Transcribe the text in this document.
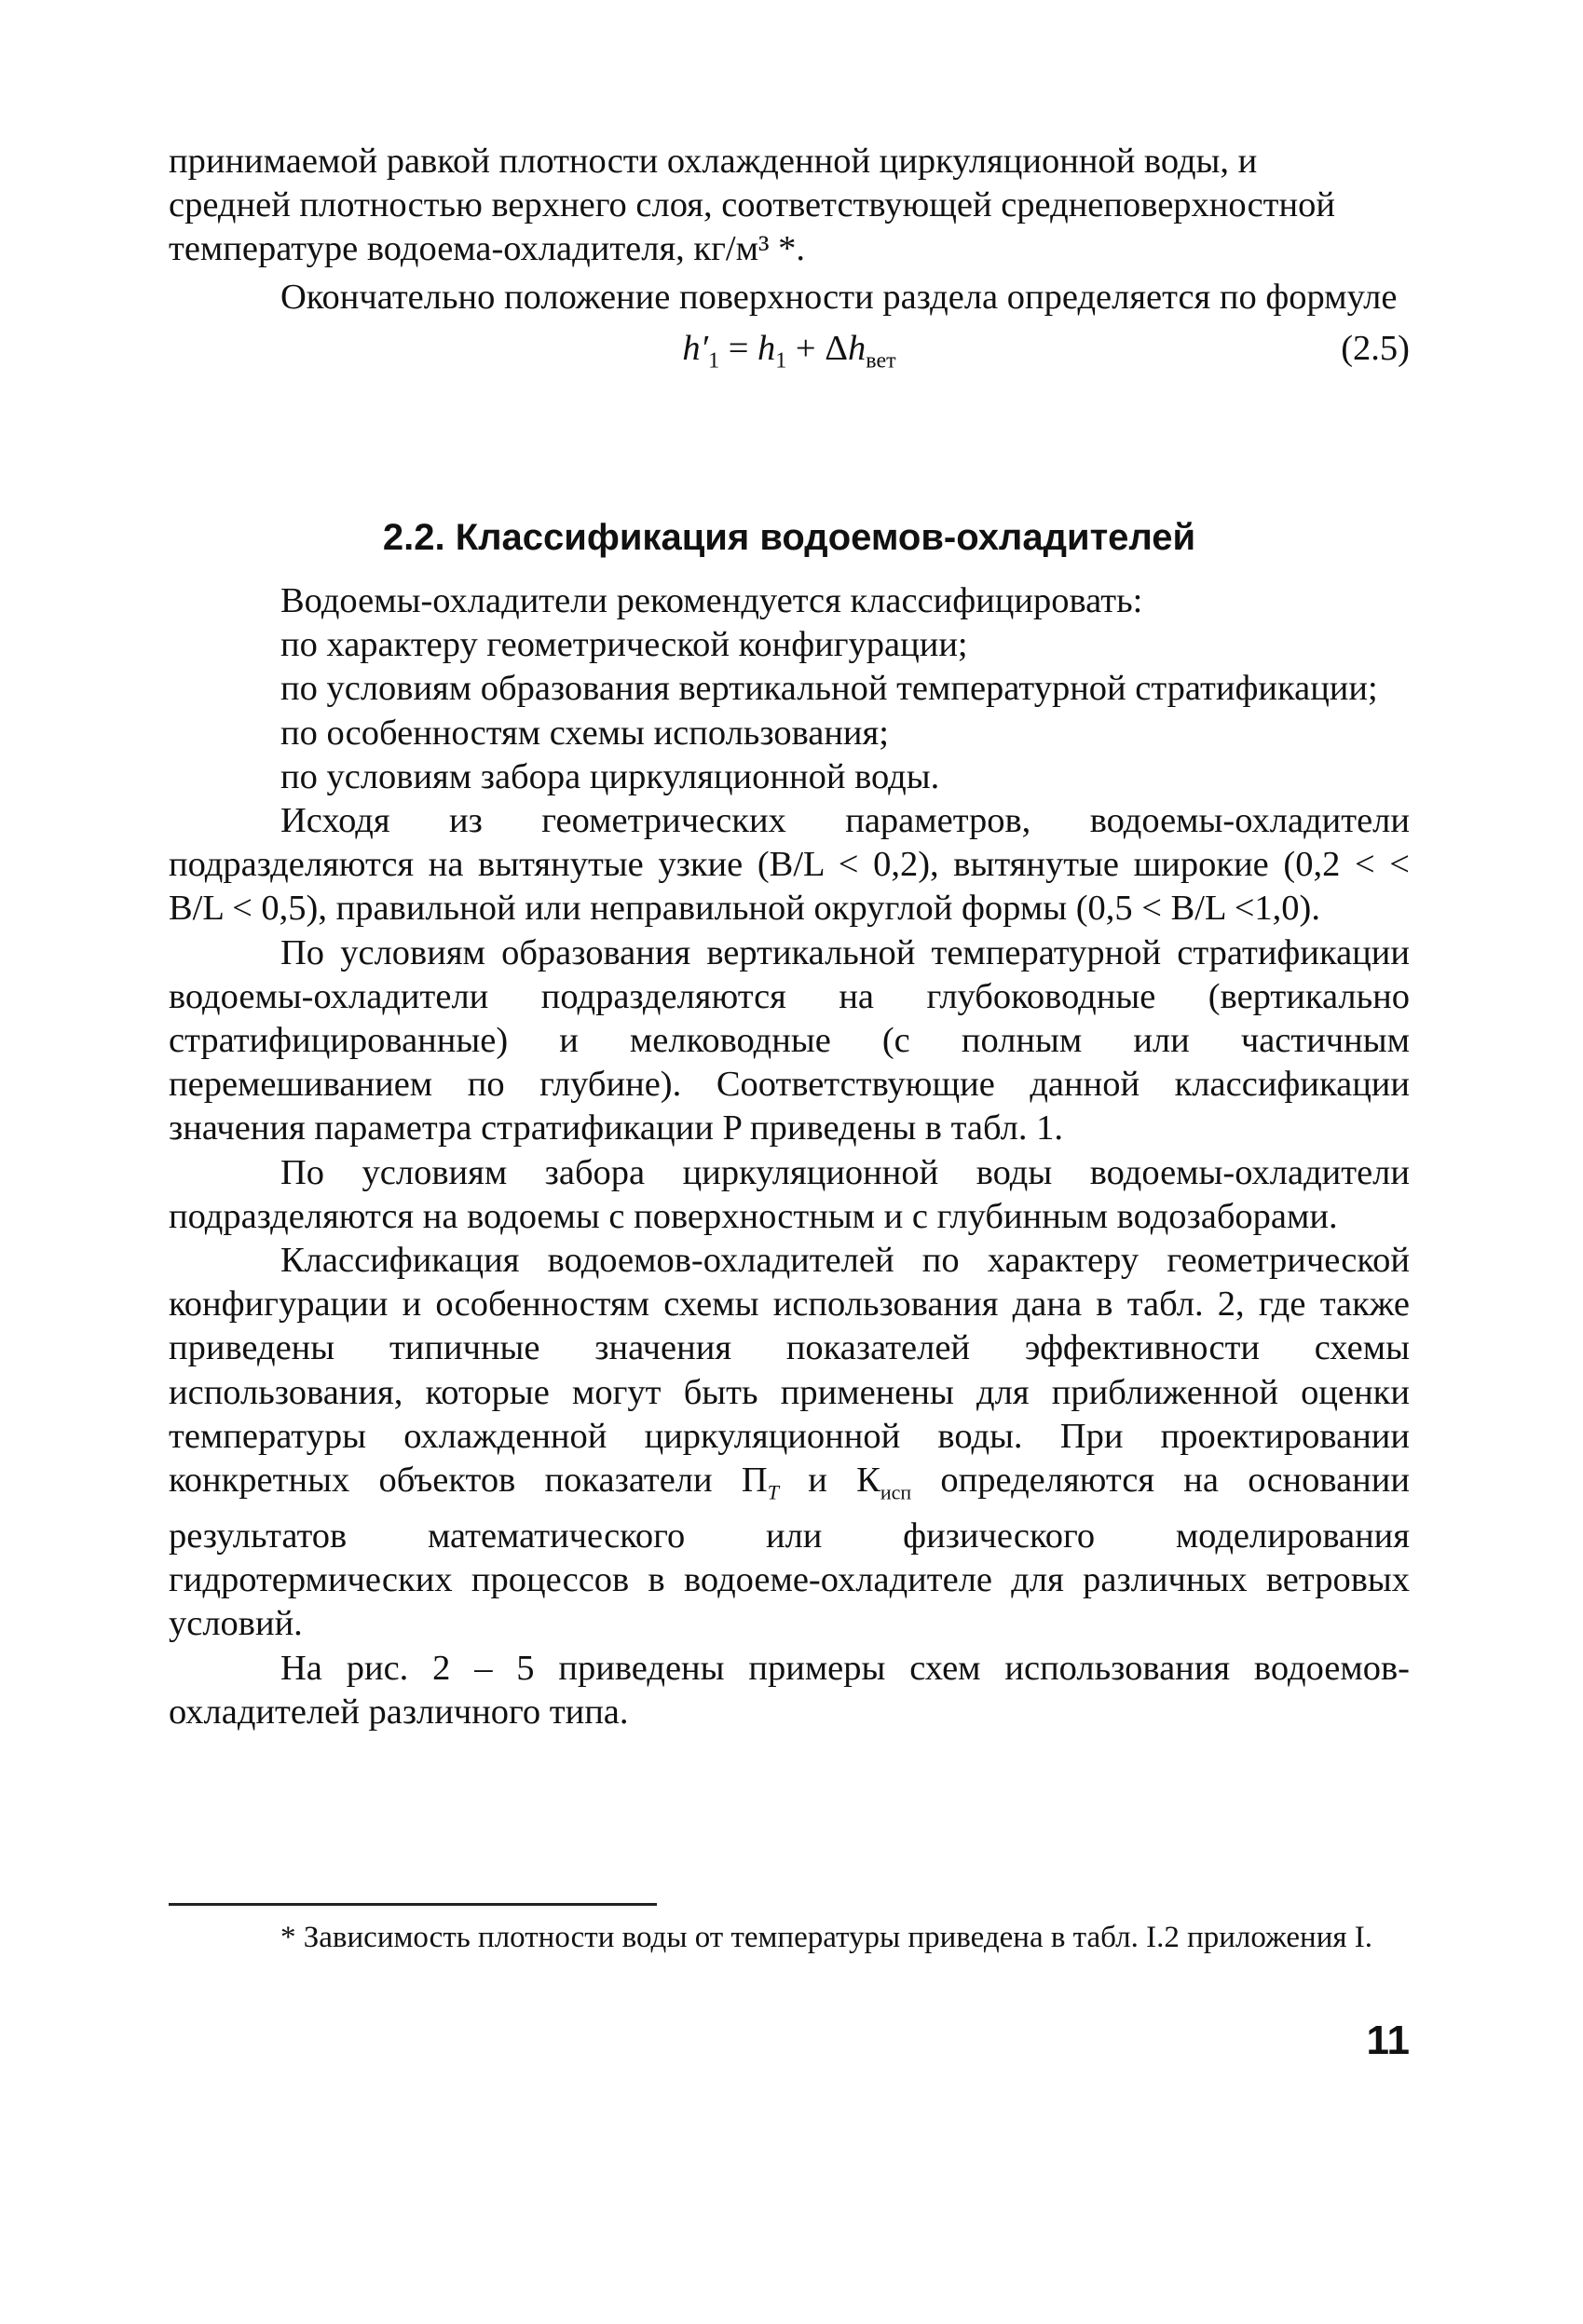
принимаемой равкой плотности охлажденной циркуляционной воды, и

средней плотностью верхнего слоя, соответствующей среднеповерхностной

температуре водоема-охладителя, кг/м³ *.

Окончательно положение поверхности раздела определяется по формуле

$h'_1 = h_1 + \Delta h_{вет}$	(2.5)
2.2. Классификация водоемов-охладителей

Водоемы-охладители рекомендуется классифицировать:

по характеру геометрической конфигурации;

по условиям образования вертикальной температурной стратификации;

по особенностям схемы использования;

по условиям забора циркуляционной воды.

Исходя из геометрических параметров, водоемы-охладители подразделяются на вытянутые узкие (B/L < 0,2), вытянутые широкие (0,2 < < B/L < 0,5), правильной или неправильной округлой формы (0,5 < B/L <1,0).

По условиям образования вертикальной температурной стратификации водоемы-охладители подразделяются на глубоководные (вертикально стратифицированные) и мелководные (с полным или частичным перемешиванием по глубине). Соответствующие данной классификации значения параметра стратификации P приведены в табл. 1.

По условиям забора циркуляционной воды водоемы-охладители подразделяются на водоемы с поверхностным и с глубинным водозаборами.

Классификация водоемов-охладителей по характеру геометрической конфигурации и особенностям схемы использования дана в табл. 2, где также приведены типичные значения показателей эффективности схемы использования, которые могут быть применены для приближенной оценки температуры охлажденной циркуляционной воды. При проектировании конкретных объектов показатели $П_T$ и $К_{исп}$ определяются на основании результатов математического или физического моделирования гидротермических процессов в водоеме-охладителе для различных ветровых условий.

На рис. 2 – 5 приведены примеры схем использования водоемов-охладителей различного типа.

* Зависимость плотности воды от температуры приведена в табл. I.2 приложения I.
11
